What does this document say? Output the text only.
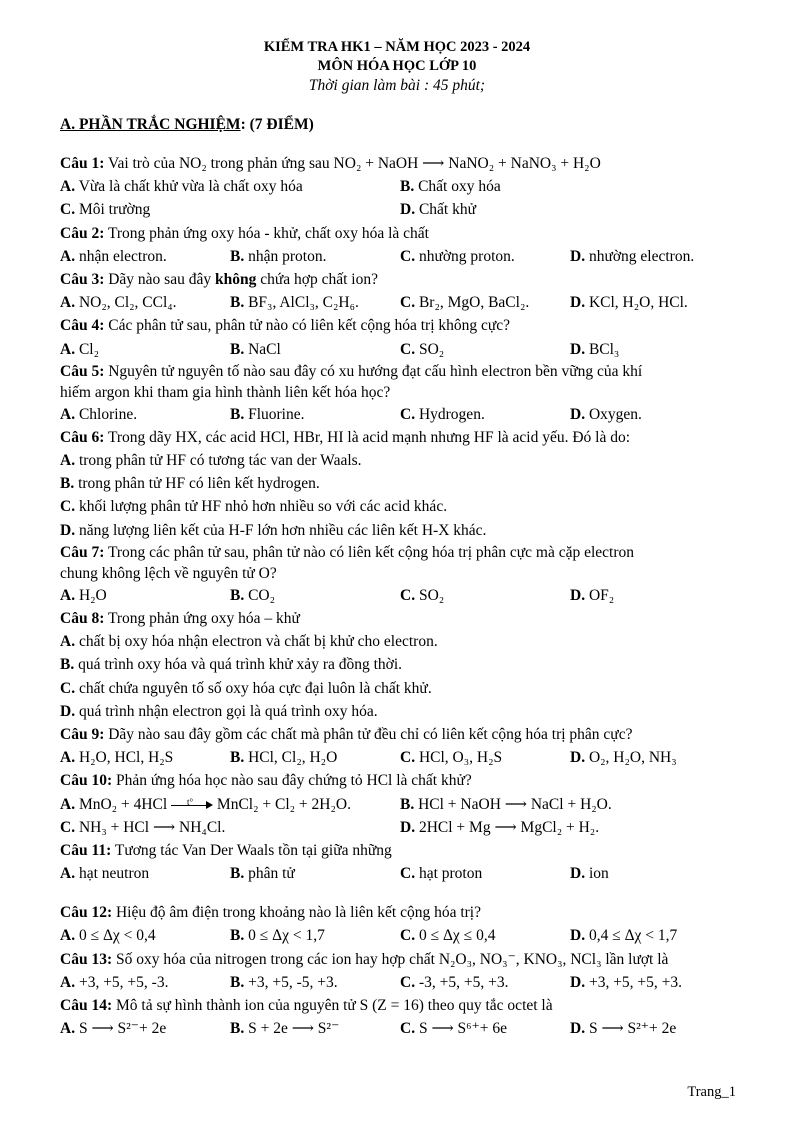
KIỂM TRA HK1 – NĂM HỌC 2023 - 2024
MÔN HÓA HỌC LỚP 10
Thời gian làm bài : 45 phút;
A. PHẦN TRẮC NGHIỆM: (7 ĐIỂM)
Câu 1: Vai trò của NO₂ trong phản ứng sau NO₂ + NaOH ⟶ NaNO₂ + NaNO₃ + H₂O
A. Vừa là chất khử vừa là chất oxy hóa	B. Chất oxy hóa
C. Môi trường	D. Chất khử
Câu 2: Trong phản ứng oxy hóa - khử, chất oxy hóa là chất
A. nhận electron.	B. nhận proton.	C. nhường proton.	D. nhường electron.
Câu 3: Dãy nào sau đây không chứa hợp chất ion?
A. NO₂, Cl₂, CCl₄.	B. BF₃, AlCl₃, C₂H₆.	C. Br₂, MgO, BaCl₂.	D. KCl, H₂O, HCl.
Câu 4: Các phân tử sau, phân tử nào có liên kết cộng hóa trị không cực?
A. Cl₂	B. NaCl	C. SO₂	D. BCl₃
Câu 5: Nguyên tử nguyên tố nào sau đây có xu hướng đạt cấu hình electron bền vững của khí
hiếm argon khi tham gia hình thành liên kết hóa học?
A. Chlorine.	B. Fluorine.	C. Hydrogen.	D. Oxygen.
Câu 6: Trong dãy HX, các acid HCl, HBr, HI là acid mạnh nhưng HF là acid yếu. Đó là do:
A. trong phân tử HF có tương tác van der Waals.
B. trong phân tử HF có liên kết hydrogen.
C. khối lượng phân tử HF nhỏ hơn nhiều so với các acid khác.
D. năng lượng liên kết của H-F lớn hơn nhiều các liên kết H-X khác.
Câu 7: Trong các phân tử sau, phân tử nào có liên kết cộng hóa trị phân cực mà cặp electron
chung không lệch về nguyên tử O?
A. H₂O	B. CO₂	C. SO₂	D. OF₂
Câu 8: Trong phản ứng oxy hóa – khử
A. chất bị oxy hóa nhận electron và chất bị khử cho electron.
B. quá trình oxy hóa và quá trình khử xảy ra đồng thời.
C. chất chứa nguyên tố số oxy hóa cực đại luôn là chất khử.
D. quá trình nhận electron gọi là quá trình oxy hóa.
Câu 9: Dãy nào sau đây gồm các chất mà phân tử đều chỉ có liên kết cộng hóa trị phân cực?
A. H₂O, HCl, H₂S	B. HCl, Cl₂, H₂O	C. HCl, O₃, H₂S	D. O₂, H₂O, NH₃
Câu 10: Phản ứng hóa học nào sau đây chứng tỏ HCl là chất khử?
A. MnO₂ + 4HCl t° MnCl₂ + Cl₂ + 2H₂O.	B. HCl + NaOH ⟶ NaCl + H₂O.
C. NH₃ + HCl ⟶ NH₄Cl.	D. 2HCl + Mg ⟶ MgCl₂ + H₂.
Câu 11: Tương tác Van Der Waals tồn tại giữa những
A. hạt neutron	B. phân tử	C. hạt proton	D. ion
Câu 12: Hiệu độ âm điện trong khoảng nào là liên kết cộng hóa trị?
A. 0 ≤ Δχ < 0,4	B. 0 ≤ Δχ < 1,7	C. 0 ≤ Δχ ≤ 0,4	D. 0,4 ≤ Δχ < 1,7
Câu 13: Số oxy hóa của nitrogen trong các ion hay hợp chất N₂O₃, NO₃⁻, KNO₃, NCl₃ lần lượt là
A. +3, +5, +5, -3.	B. +3, +5, -5, +3.	C. -3, +5, +5, +3.	D. +3, +5, +5, +3.
Câu 14: Mô tả sự hình thành ion của nguyên tử S (Z = 16) theo quy tắc octet là
A. S ⟶ S²⁻+ 2e	B. S + 2e ⟶ S²⁻	C. S ⟶ S⁶⁺+ 6e	D. S ⟶ S²⁺+ 2e
Trang_1
